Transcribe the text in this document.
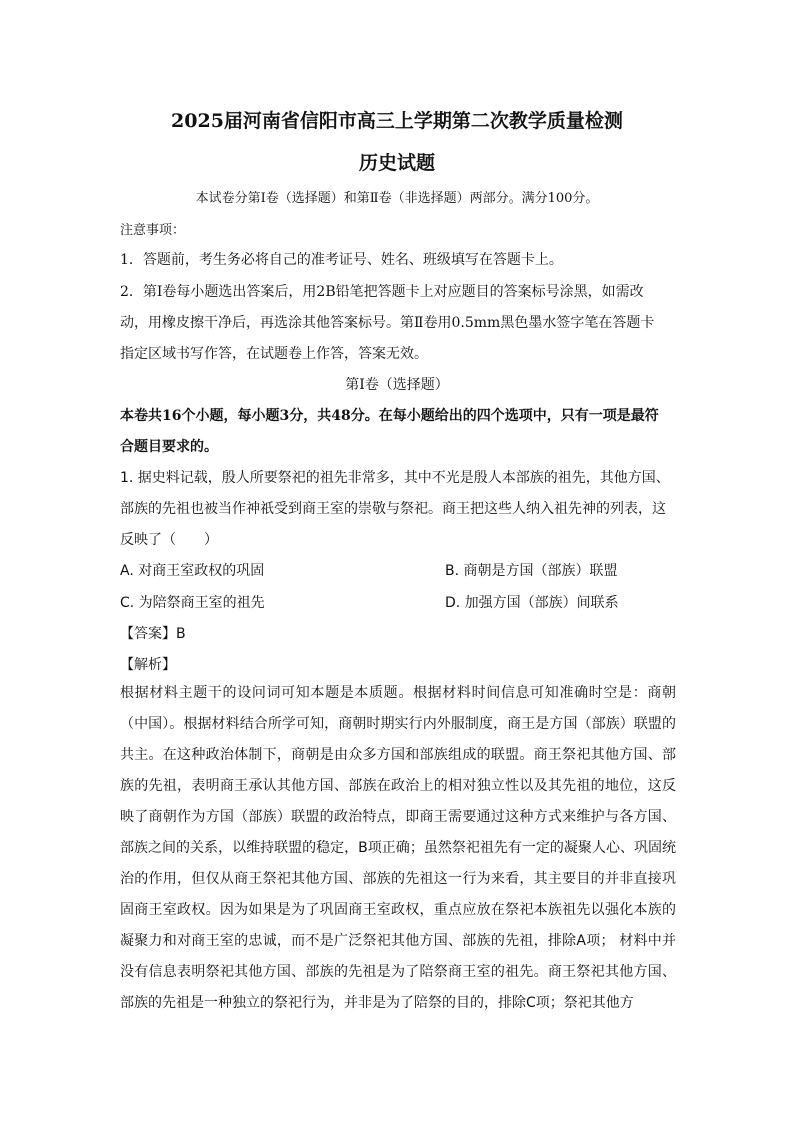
2025届河南省信阳市高三上学期第二次教学质量检测
历史试题
本试卷分第Ⅰ卷（选择题）和第Ⅱ卷（非选择题）两部分。满分100分。
注意事项：
1．答题前，考生务必将自己的准考证号、姓名、班级填写在答题卡上。
2．第Ⅰ卷每小题选出答案后，用2B铅笔把答题卡上对应题目的答案标号涂黑，如需改
动，用橡皮擦干净后，再选涂其他答案标号。第Ⅱ卷用0.5mm黑色墨水签字笔在答题卡
指定区域书写作答，在试题卷上作答，答案无效。
第Ⅰ卷（选择题）
本卷共16个小题，每小题3分，共48分。在每小题给出的四个选项中，只有一项是最符
合题目要求的。
1. 据史料记载，殷人所要祭祀的祖先非常多，其中不光是殷人本部族的祖先，其他方国、
部族的先祖也被当作神祇受到商王室的崇敬与祭祀。商王把这些人纳入祖先神的列表，这
反映了（　　）
A. 对商王室政权的巩固	B. 商朝是方国（部族）联盟
C. 为陪祭商王室的祖先	D. 加强方国（部族）间联系
【答案】B
【解析】
根据材料主题干的设问词可知本题是本质题。根据材料时间信息可知准确时空是：商朝（中国）。根据材料结合所学可知，商朝时期实行内外服制度，商王是方国（部族）联盟的共主。在这种政治体制下，商朝是由众多方国和部族组成的联盟。商王祭祀其他方国、部族的先祖，表明商王承认其他方国、部族在政治上的相对独立性以及其先祖的地位，这反映了商朝作为方国（部族）联盟的政治特点，即商王需要通过这种方式来维护与各方国、部族之间的关系，以维持联盟的稳定，B项正确；虽然祭祀祖先有一定的凝聚人心、巩固统治的作用，但仅从商王祭祀其他方国、部族的先祖这一行为来看，其主要目的并非直接巩固商王室政权。因为如果是为了巩固商王室政权，重点应放在祭祀本族祖先以强化本族的凝聚力和对商王室的忠诚，而不是广泛祭祀其他方国、部族的先祖，排除A项； 材料中并没有信息表明祭祀其他方国、部族的先祖是为了陪祭商王室的祖先。商王祭祀其他方国、部族的先祖是一种独立的祭祀行为，并非是为了陪祭的目的，排除C项；祭祀其他方
